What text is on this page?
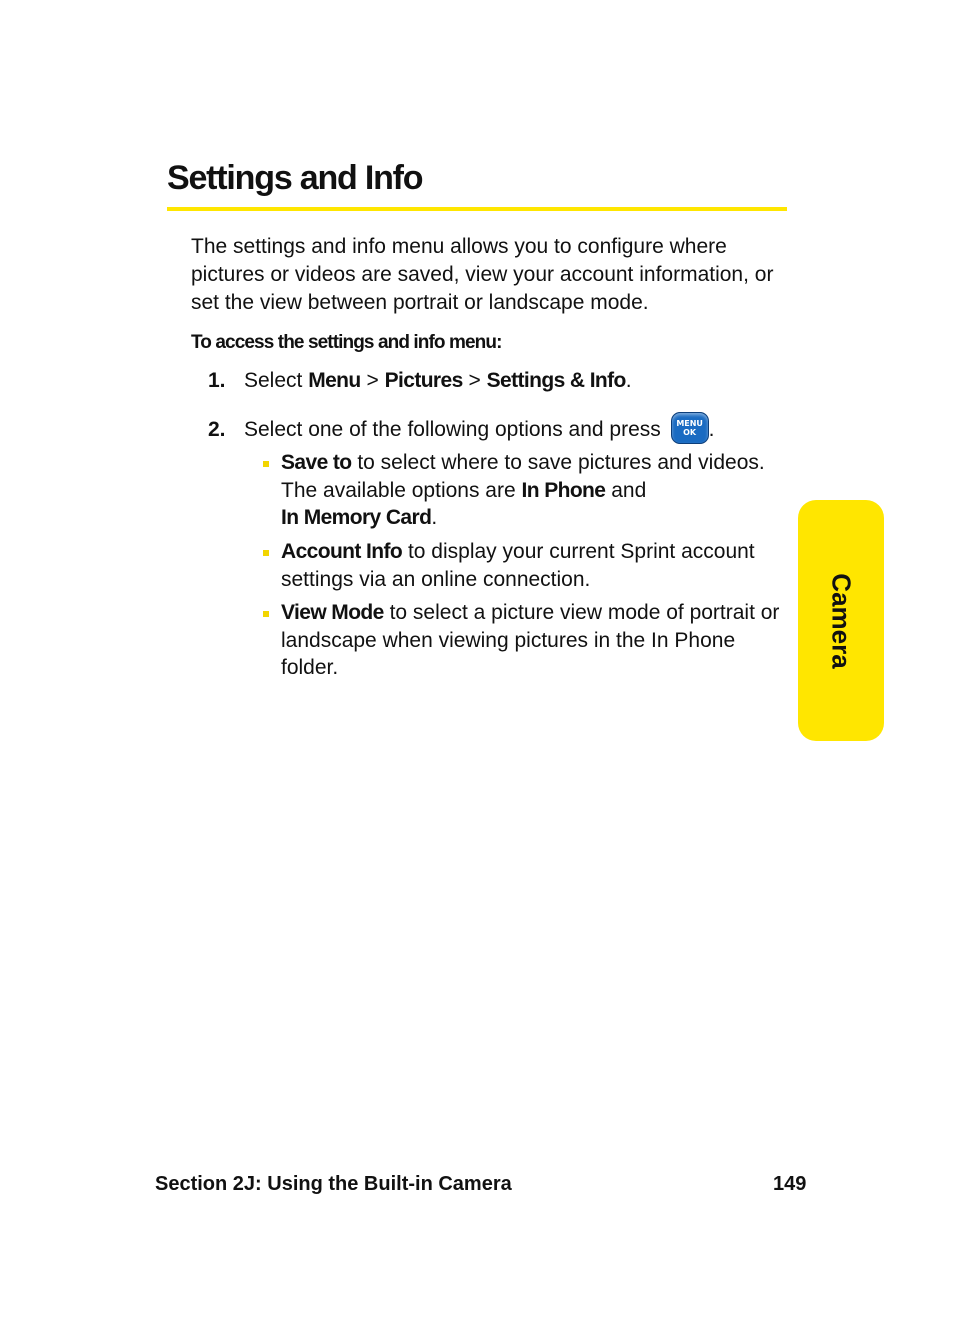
Settings and Info

The settings and info menu allows you to configure where pictures or videos are saved, view your account information, or set the view between portrait or landscape mode.

To access the settings and info menu:

1. Select Menu > Pictures > Settings & Info.
2. Select one of the following options and press	MENU
OK .
Save to to select where to save pictures and videos. The available options are In Phone and
In Memory Card.
Account Info to display your current Sprint account settings via an online connection.
View Mode to select a picture view mode of portrait or landscape when viewing pictures in the In Phone folder.	Camera
Section 2J: Using the Built-in Camera	149
